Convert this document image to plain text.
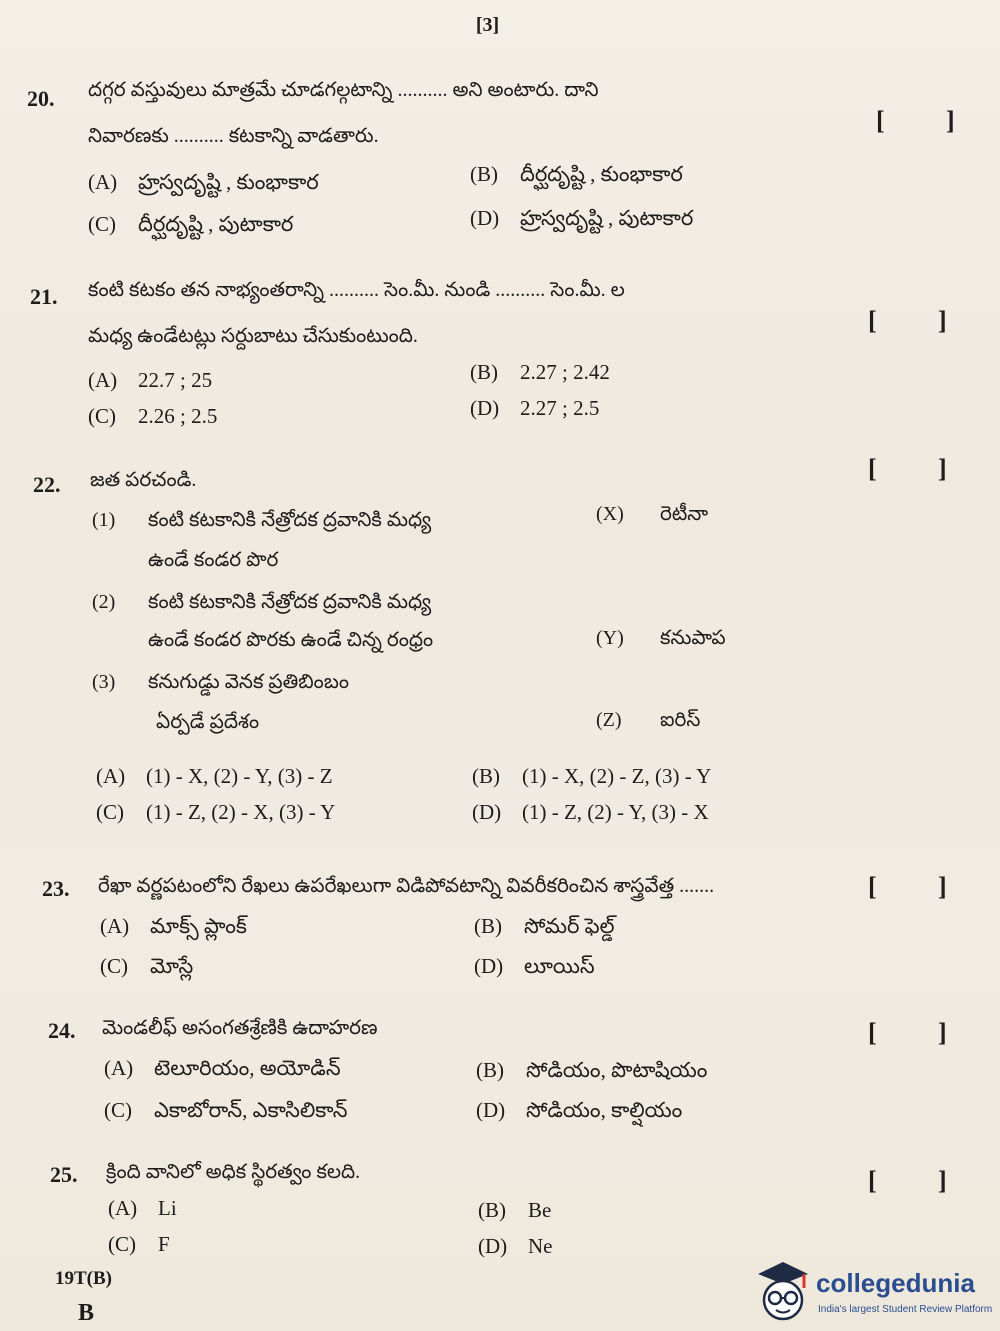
[3]
20. దగ్గర వస్తువులు మాత్రమే చూడగల్గటాన్ని .......... అని అంటారు. దాని
నివారణకు .......... కటకాన్ని వాడతారు.
[ ]
(A) హ్రస్వదృష్టి , కుంభాకార	(B) దీర్ఘదృష్టి , కుంభాకార
(C) దీర్ఘదృష్టి , పుటాకార	(D) హ్రస్వదృష్టి , పుటాకార
21. కంటి కటకం తన నాభ్యంతరాన్ని .......... సెం.మీ. నుండి .......... సెం.మీ. ల
మధ్య ఉండేటట్లు సర్దుబాటు చేసుకుంటుంది.
[ ]
(A) 22.7 ; 25	(B) 2.27 ; 2.42
(C) 2.26 ; 2.5	(D) 2.27 ; 2.5
22. జత పరచండి.	[ ]
(1) కంటి కటకానికి నేత్రోదక ద్రవానికి మధ్య
ఉండే కండర పొర
(X) రెటీనా
(2) కంటి కటకానికి నేత్రోదక ద్రవానికి మధ్య
ఉండే కండర పొరకు ఉండే చిన్న రంధ్రం	(Y) కనుపాప
(3) కనుగుడ్డు వెనక ప్రతిబింబం
ఏర్పడే ప్రదేశం	(Z) ఐరిస్
(A) (1) - X, (2) - Y, (3) - Z	(B) (1) - X, (2) - Z, (3) - Y
(C) (1) - Z, (2) - X, (3) - Y	(D) (1) - Z, (2) - Y, (3) - X
23. రేఖా వర్ణపటంలోని రేఖలు ఉపరేఖలుగా విడిపోవటాన్ని వివరీకరించిన శాస్త్రవేత్త .......	[ ]
(A) మాక్స్ ప్లాంక్	(B) సోమర్ ఫెల్డ్
(C) మోస్లే	(D) లూయిస్
24. మెండలీఫ్ అసంగతశ్రేణికి ఉదాహరణ	[ ]
(A) టెలూరియం, అయోడిన్	(B) సోడియం, పొటాషియం
(C) ఎకాబోరాన్, ఎకాసిలికాన్	(D) సోడియం, కాల్షియం
25. క్రింది వానిలో అధిక స్థిరత్వం కలది.	[ ]
(A) Li	(B) Be
(C) F	(D) Ne
19T(B)
B
collegedunia
India's largest Student Review Platform
